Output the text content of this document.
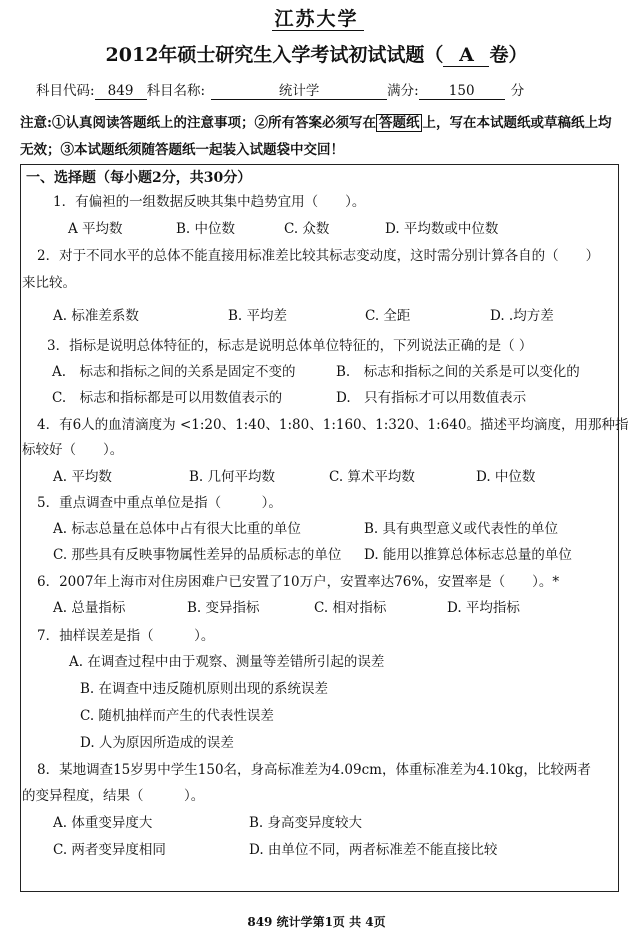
江苏大学
2012年硕士研究生入学考试初试试题（ A 卷）
科目代码: 849 科目名称:	统计学	满分: 150	分
注意:①认真阅读答题纸上的注意事项；②所有答案必须写在 答题纸 上，写在本试题纸或草稿纸上均无效；③本试题纸须随答题纸一起装入试题袋中交回！
一、选择题（每小题2分，共30分）
1．有偏袒的一组数据反映其集中趋势宜用（　　）。
A 平均数	B. 中位数	C. 众数	D. 平均数或中位数
2．对于不同水平的总体不能直接用标准差比较其标志变动度，这时需分别计算各自的（　　）
来比较。
A. 标准差系数	B. 平均差	C. 全距	D. .均方差
3．指标是说明总体特征的，标志是说明总体单位特征的，下列说法正确的是（ ）
A.　标志和指标之间的关系是固定不变的	B.　标志和指标之间的关系是可以变化的
C.　标志和指标都是可以用数值表示的	D.　只有指标才可以用数值表示
4．有6人的血清滴度为 <1:20、1:40、1:80、1:160、1:320、1:640。描述平均滴度，用那种指
标较好（　　）。
A. 平均数	B. 几何平均数	C. 算术平均数	D. 中位数
5．重点调查中重点单位是指（　　　）。
A. 标志总量在总体中占有很大比重的单位	B. 具有典型意义或代表性的单位
C. 那些具有反映事物属性差异的品质标志的单位 D. 能用以推算总体标志总量的单位
6．2007年上海市对住房困难户已安置了10万户，安置率达76%，安置率是（　　）。*
A. 总量指标	B. 变异指标	C. 相对指标	D. 平均指标
7．抽样误差是指（　　　）。
A. 在调查过程中由于观察、测量等差错所引起的误差
B. 在调查中违反随机原则出现的系统误差
C. 随机抽样而产生的代表性误差
D. 人为原因所造成的误差
8．某地调查15岁男中学生150名，身高标准差为4.09cm，体重标准差为4.10kg，比较两者
的变异程度，结果（　　　）。
A. 体重变异度大	B. 身高变异度较大
C. 两者变异度相同	D. 由单位不同，两者标准差不能直接比较
849 统计学第1页 共 4页
